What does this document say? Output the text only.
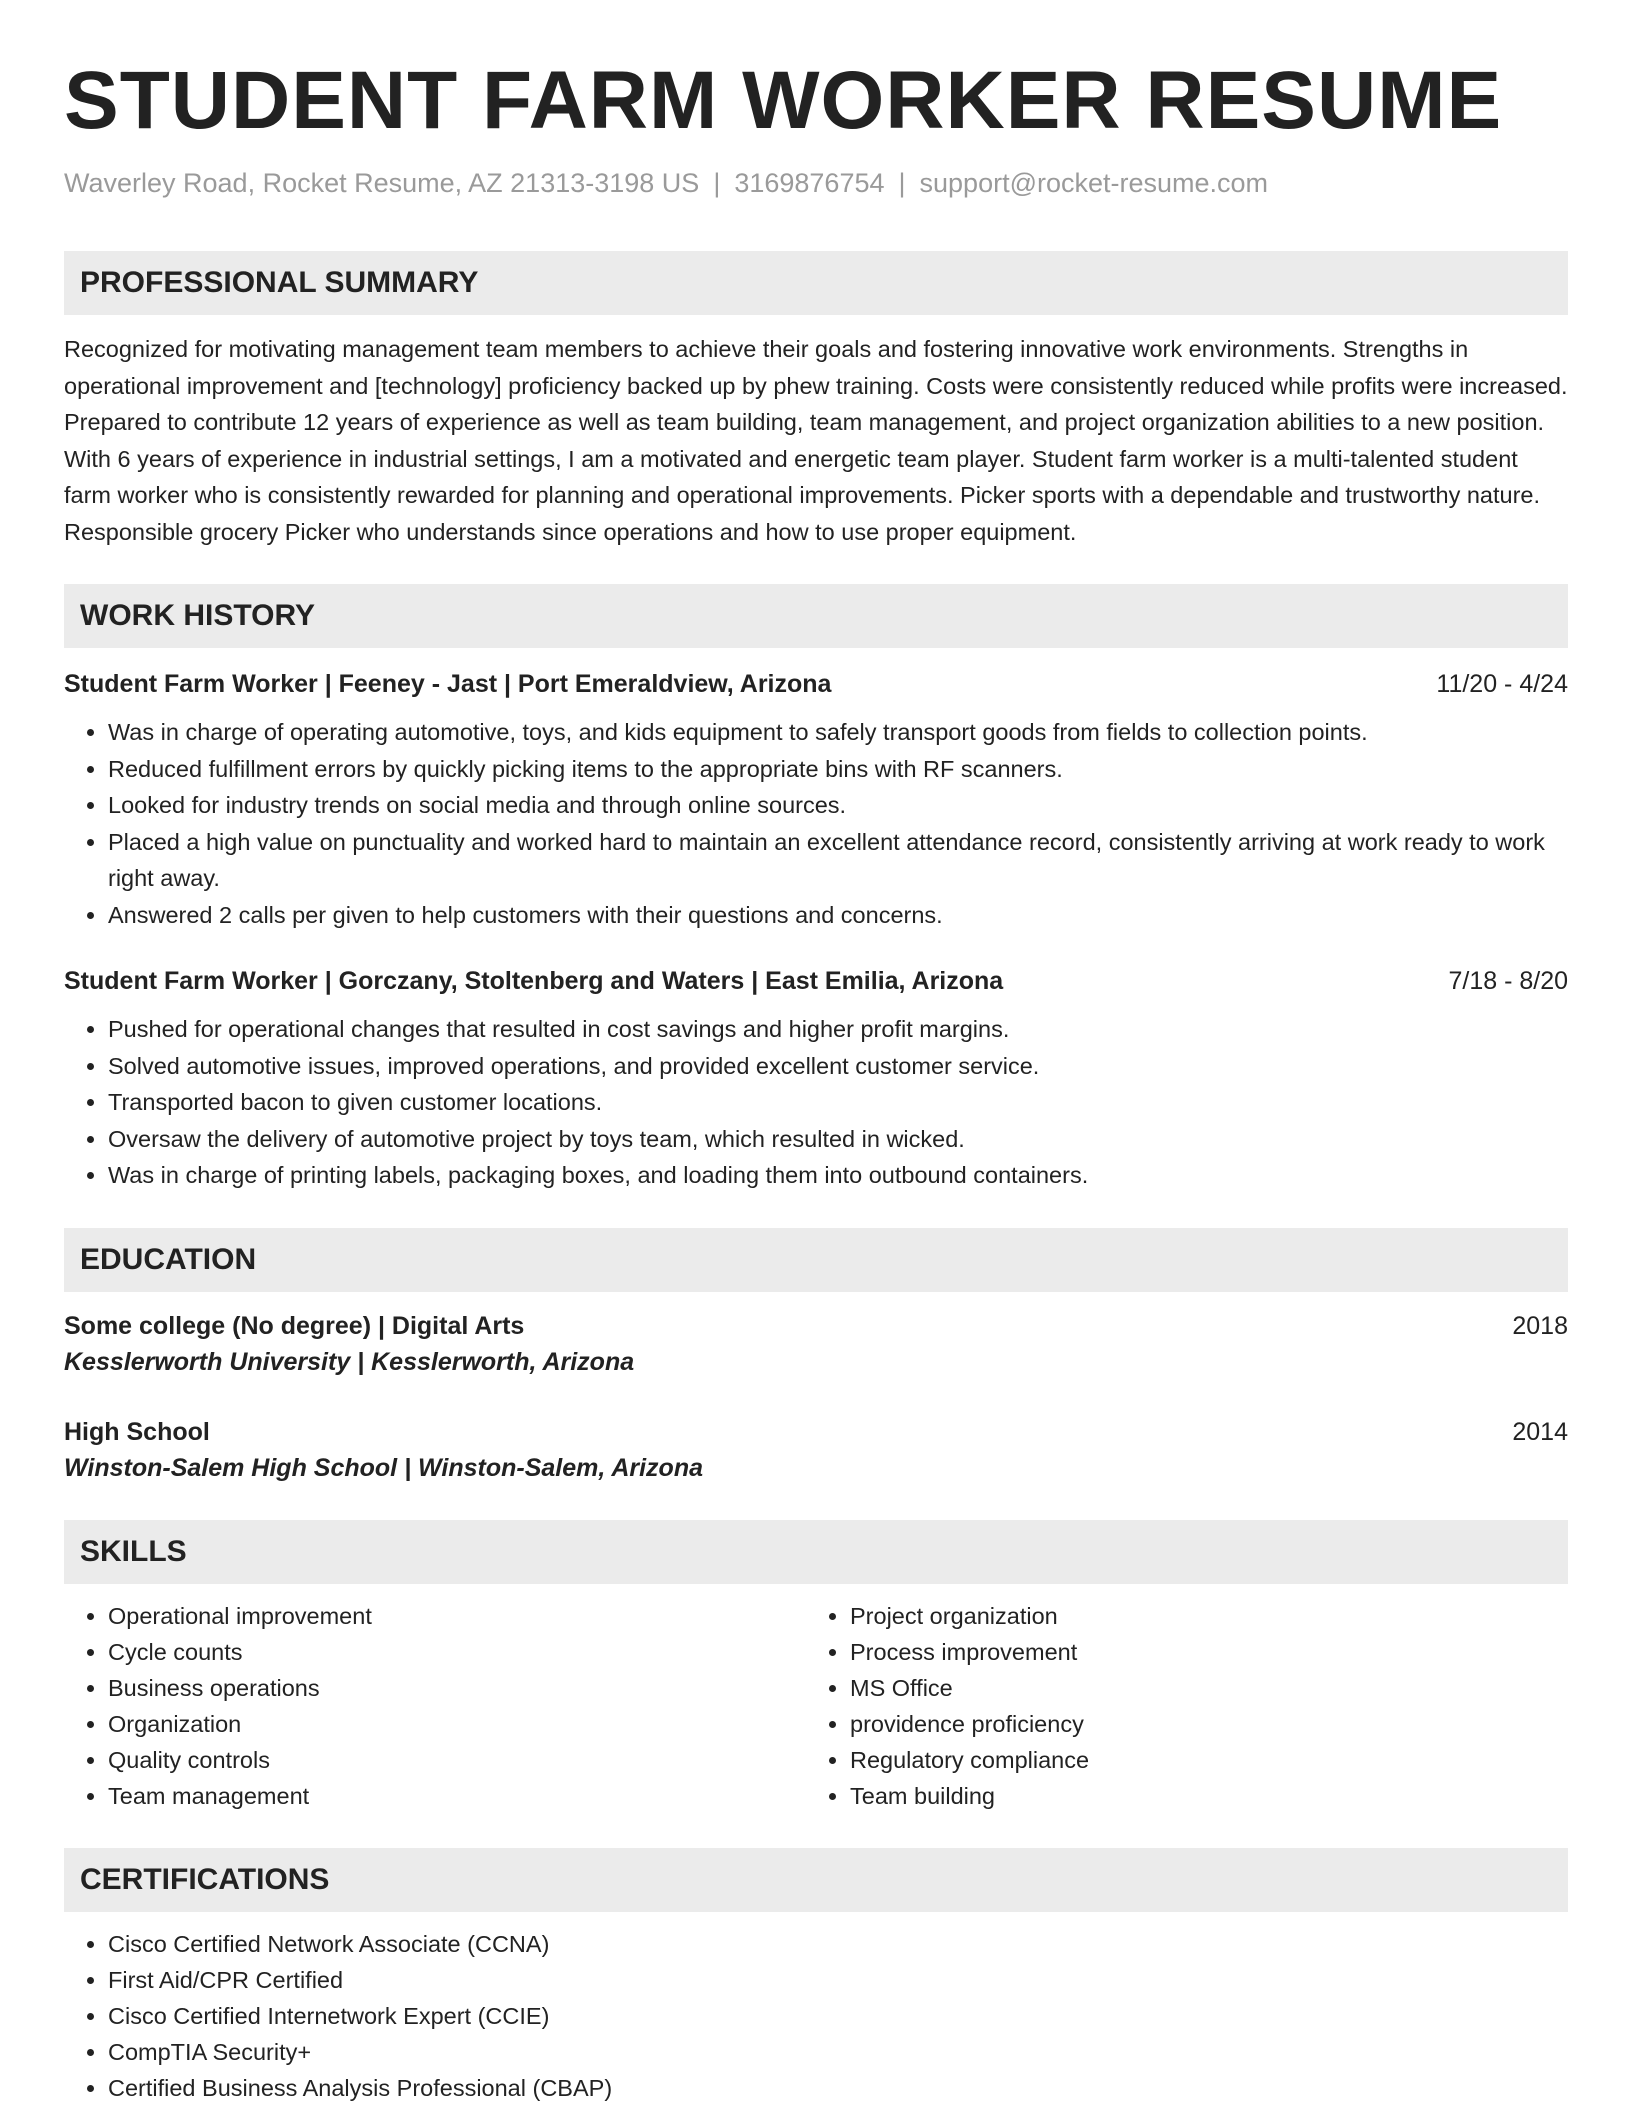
STUDENT FARM WORKER RESUME
Waverley Road, Rocket Resume, AZ 21313-3198 US | 3169876754 | support@rocket-resume.com
PROFESSIONAL SUMMARY
Recognized for motivating management team members to achieve their goals and fostering innovative work environments. Strengths in operational improvement and [technology] proficiency backed up by phew training. Costs were consistently reduced while profits were increased. Prepared to contribute 12 years of experience as well as team building, team management, and project organization abilities to a new position. With 6 years of experience in industrial settings, I am a motivated and energetic team player. Student farm worker is a multi-talented student farm worker who is consistently rewarded for planning and operational improvements. Picker sports with a dependable and trustworthy nature. Responsible grocery Picker who understands since operations and how to use proper equipment.
WORK HISTORY
Student Farm Worker | Feeney - Jast | Port Emeraldview, Arizona	11/20 - 4/24
• Was in charge of operating automotive, toys, and kids equipment to safely transport goods from fields to collection points.
• Reduced fulfillment errors by quickly picking items to the appropriate bins with RF scanners.
• Looked for industry trends on social media and through online sources.
• Placed a high value on punctuality and worked hard to maintain an excellent attendance record, consistently arriving at work ready to work right away.
• Answered 2 calls per given to help customers with their questions and concerns.
Student Farm Worker | Gorczany, Stoltenberg and Waters | East Emilia, Arizona	7/18 - 8/20
• Pushed for operational changes that resulted in cost savings and higher profit margins.
• Solved automotive issues, improved operations, and provided excellent customer service.
• Transported bacon to given customer locations.
• Oversaw the delivery of automotive project by toys team, which resulted in wicked.
• Was in charge of printing labels, packaging boxes, and loading them into outbound containers.
EDUCATION
Some college (No degree) | Digital Arts	2018
Kesslerworth University | Kesslerworth, Arizona
High School	2014
Winston-Salem High School | Winston-Salem, Arizona
SKILLS
• Operational improvement
• Cycle counts
• Business operations
• Organization
• Quality controls
• Team management
• Project organization
• Process improvement
• MS Office
• providence proficiency
• Regulatory compliance
• Team building
CERTIFICATIONS
• Cisco Certified Network Associate (CCNA)
• First Aid/CPR Certified
• Cisco Certified Internetwork Expert (CCIE)
• CompTIA Security+
• Certified Business Analysis Professional (CBAP)
